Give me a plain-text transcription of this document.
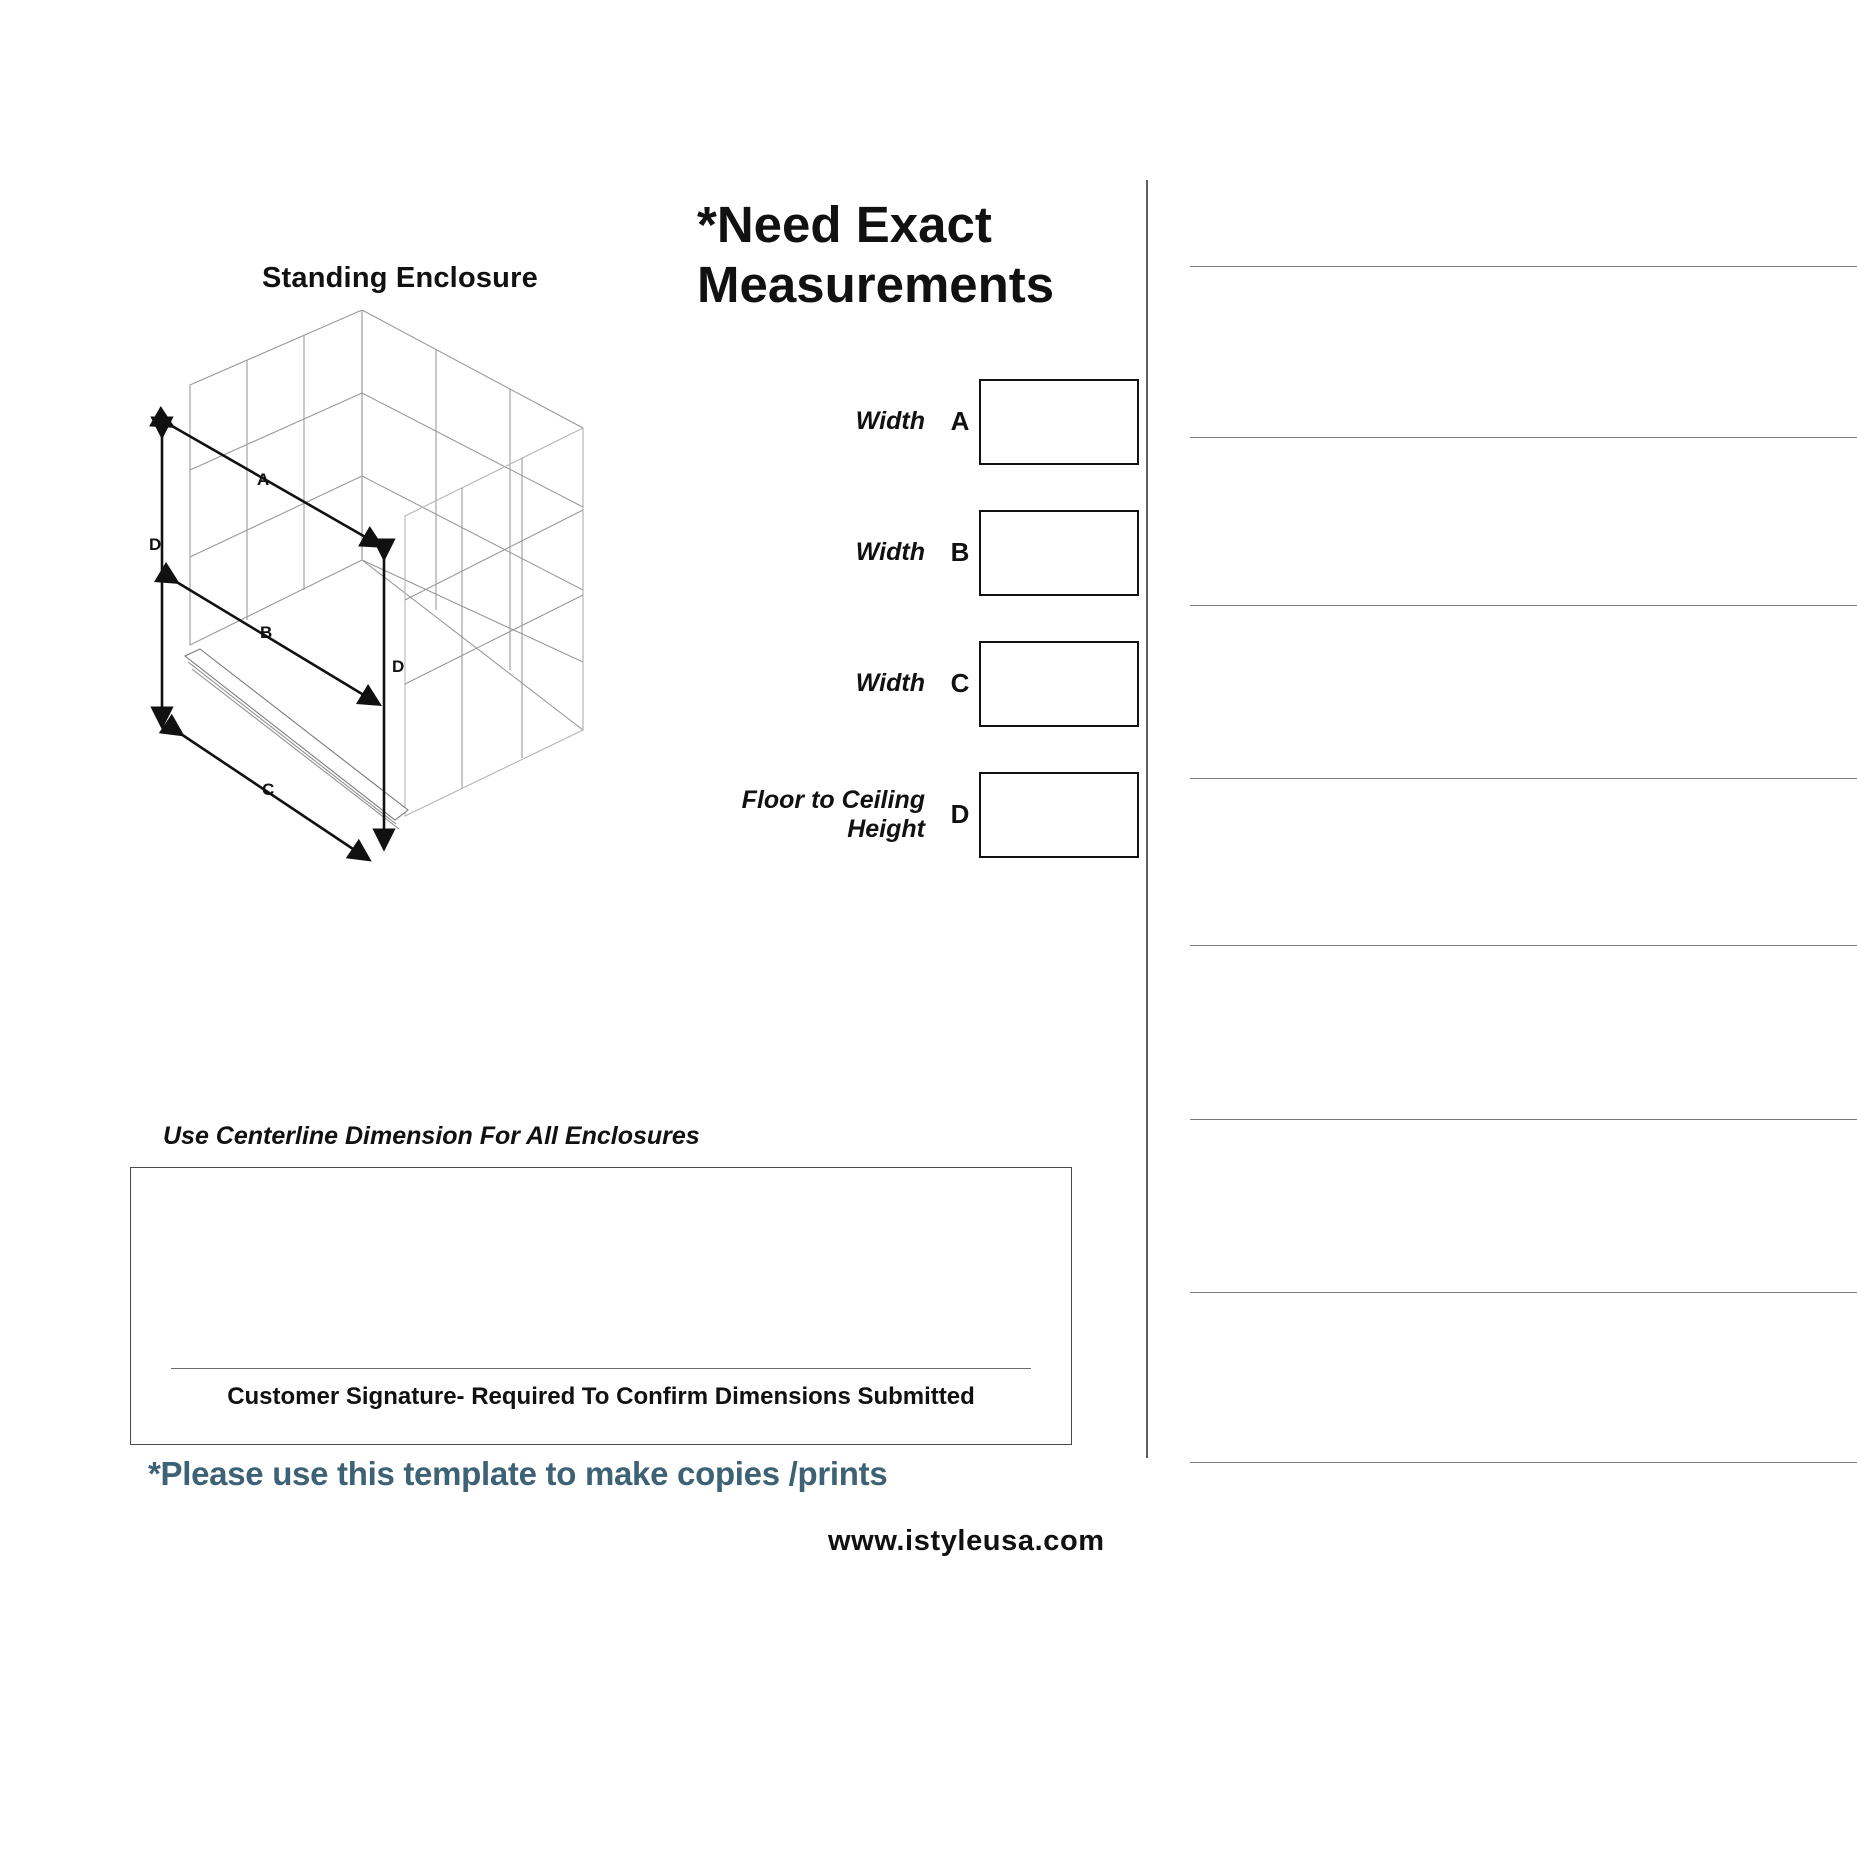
Standing Enclosure
A
D
B
D
C
*Need Exact Measurements
Width A
Width B
Width C
Floor to Ceiling Height D
Use Centerline Dimension For All Enclosures
Customer Signature- Required To Confirm Dimensions Submitted
*Please use this template to make copies /prints
www.istyleusa.com
